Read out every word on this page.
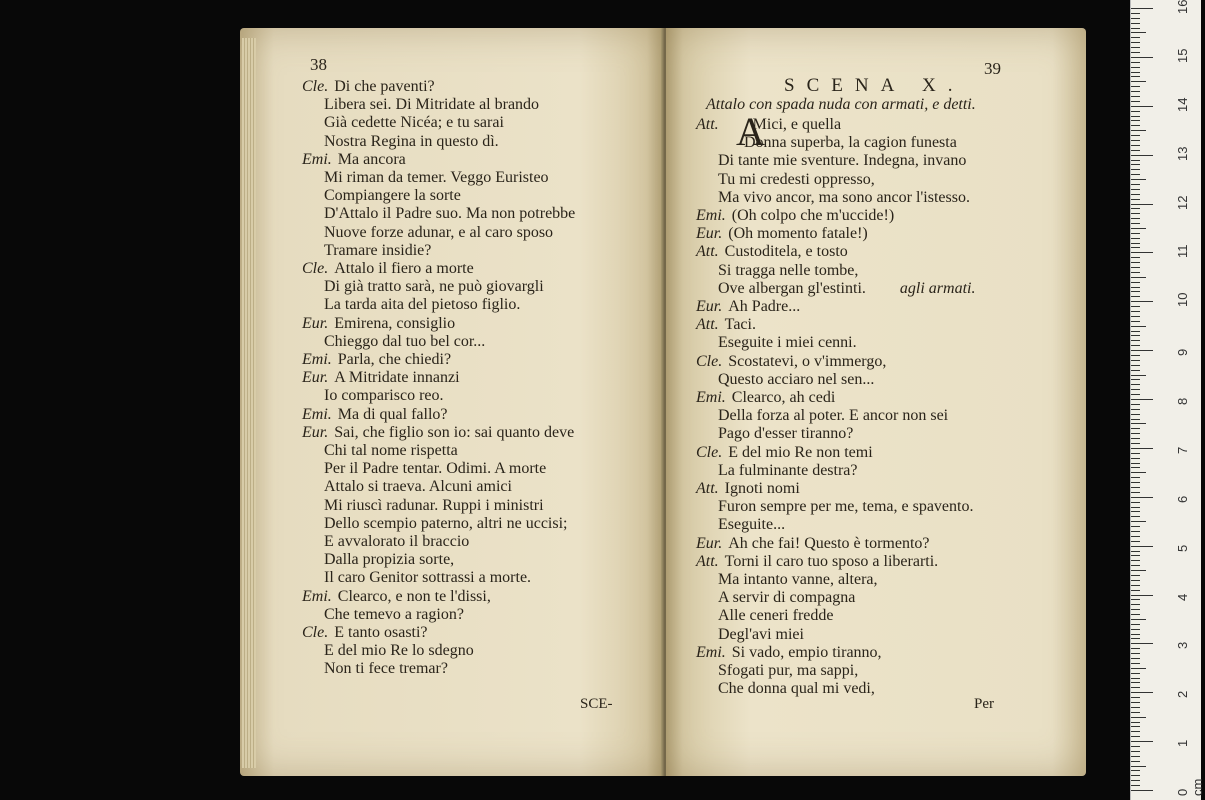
38
SCE-
Cle. Di che paventi?
Libera sei. Di Mitridate al brando
Già cedette Nicéa; e tu sarai
Nostra Regina in questo dì.
Emi. Ma ancora
Mi riman da temer. Veggo Euristeo
Compiangere la sorte
D'Attalo il Padre suo. Ma non potrebbe
Nuove forze adunar, e al caro sposo
Tramare insidie?
Cle. Attalo il fiero a morte
Di già tratto sarà, ne può giovargli
La tarda aita del pietoso figlio.
Eur. Emirena, consiglio
Chieggo dal tuo bel cor...
Emi. Parla, che chiedi?
Eur. A Mitridate innanzi
Io comparisco reo.
Emi. Ma di qual fallo?
Eur. Sai, che figlio son io: sai quanto deve
Chi tal nome rispetta
Per il Padre tentar. Odimi. A morte
Attalo si traeva. Alcuni amici
Mi riuscì radunar. Ruppi i ministri
Dello scempio paterno, altri ne uccisi;
E avvalorato il braccio
Dalla propizia sorte,
Il caro Genitor sottrassi a morte.
Emi. Clearco, e non te l'dissi,
Che temevo a ragion?
Cle. E tanto osasti?
E del mio Re lo sdegno
Non ti fece tremar?
39
SCENA X.
Attalo con spada nuda con armati, e detti.
A
Per
Att. Mici, e quella
Donna superba, la cagion funesta
Di tante mie sventure. Indegna, invano
Tu mi credesti oppresso,
Ma vivo ancor, ma sono ancor l'istesso.
Emi. (Oh colpo che m'uccide!)
Eur. (Oh momento fatale!)
Att. Custoditela, e tosto
Si tragga nelle tombe,
Ove albergan gl'estinti. agli armati.
Eur. Ah Padre...
Att. Taci.
Eseguite i miei cenni.
Cle. Scostatevi, o v'immergo,
Questo acciaro nel sen...
Emi. Clearco, ah cedi
Della forza al poter. E ancor non sei
Pago d'esser tiranno?
Cle. E del mio Re non temi
La fulminante destra?
Att. Ignoti nomi
Furon sempre per me, tema, e spavento.
Eseguite...
Eur. Ah che fai! Questo è tormento?
Att. Torni il caro tuo sposo a liberarti.
Ma intanto vanne, altera,
A servir di compagna
Alle ceneri fredde
Degl'avi miei
Emi. Si vado, empio tiranno,
Sfogati pur, ma sappi,
Che donna qual mi vedi,
0 cm
1
2
3
4
5
6
7
8
9
10
11
12
13
14
15
16
